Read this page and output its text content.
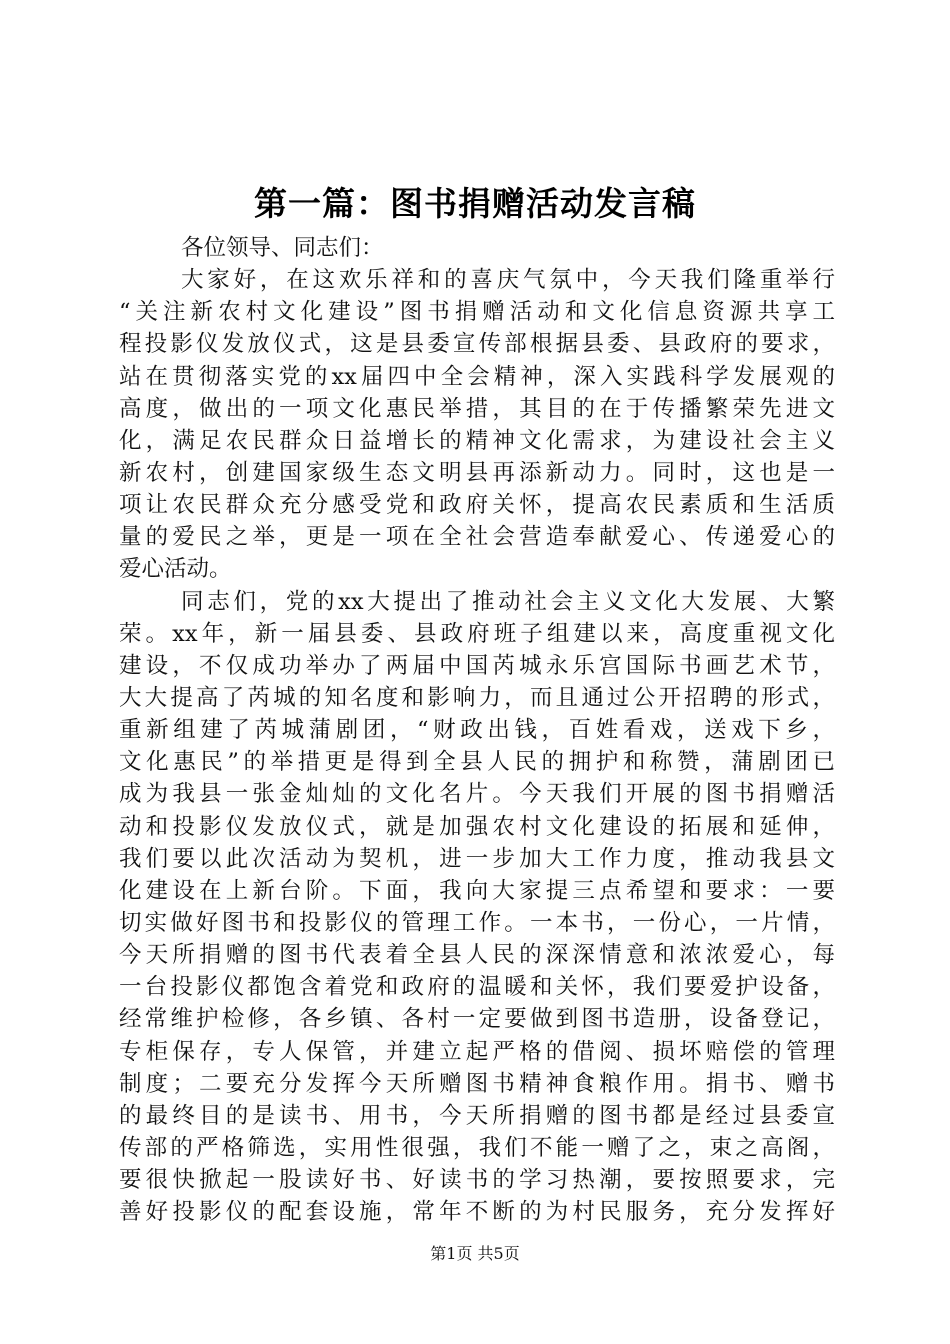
第一篇：图书捐赠活动发言稿
各位领导、同志们：
大家好，在这欢乐祥和的喜庆气氛中，今天我们隆重举行
“关注新农村文化建设”图书捐赠活动和文化信息资源共享工
程投影仪发放仪式，这是县委宣传部根据县委、县政府的要求，
站在贯彻落实党的xx届四中全会精神，深入实践科学发展观的
高度，做出的一项文化惠民举措，其目的在于传播繁荣先进文
化，满足农民群众日益增长的精神文化需求，为建设社会主义
新农村，创建国家级生态文明县再添新动力。同时，这也是一
项让农民群众充分感受党和政府关怀，提高农民素质和生活质
量的爱民之举，更是一项在全社会营造奉献爱心、传递爱心的
爱心活动。
同志们，党的xx大提出了推动社会主义文化大发展、大繁
荣。xx年，新一届县委、县政府班子组建以来，高度重视文化
建设，不仅成功举办了两届中国芮城永乐宫国际书画艺术节，
大大提高了芮城的知名度和影响力，而且通过公开招聘的形式，
重新组建了芮城蒲剧团，“财政出钱，百姓看戏，送戏下乡，
文化惠民”的举措更是得到全县人民的拥护和称赞，蒲剧团已
成为我县一张金灿灿的文化名片。今天我们开展的图书捐赠活
动和投影仪发放仪式，就是加强农村文化建设的拓展和延伸，
我们要以此次活动为契机，进一步加大工作力度，推动我县文
化建设在上新台阶。下面，我向大家提三点希望和要求：一要
切实做好图书和投影仪的管理工作。一本书，一份心，一片情，
今天所捐赠的图书代表着全县人民的深深情意和浓浓爱心，每
一台投影仪都饱含着党和政府的温暖和关怀，我们要爱护设备，
经常维护检修，各乡镇、各村一定要做到图书造册，设备登记，
专柜保存，专人保管，并建立起严格的借阅、损坏赔偿的管理
制度；二要充分发挥今天所赠图书精神食粮作用。捐书、赠书
的最终目的是读书、用书，今天所捐赠的图书都是经过县委宣
传部的严格筛选，实用性很强，我们不能一赠了之，束之高阁，
要很快掀起一股读好书、好读书的学习热潮，要按照要求，完
善好投影仪的配套设施，常年不断的为村民服务，充分发挥好
第1页 共5页
